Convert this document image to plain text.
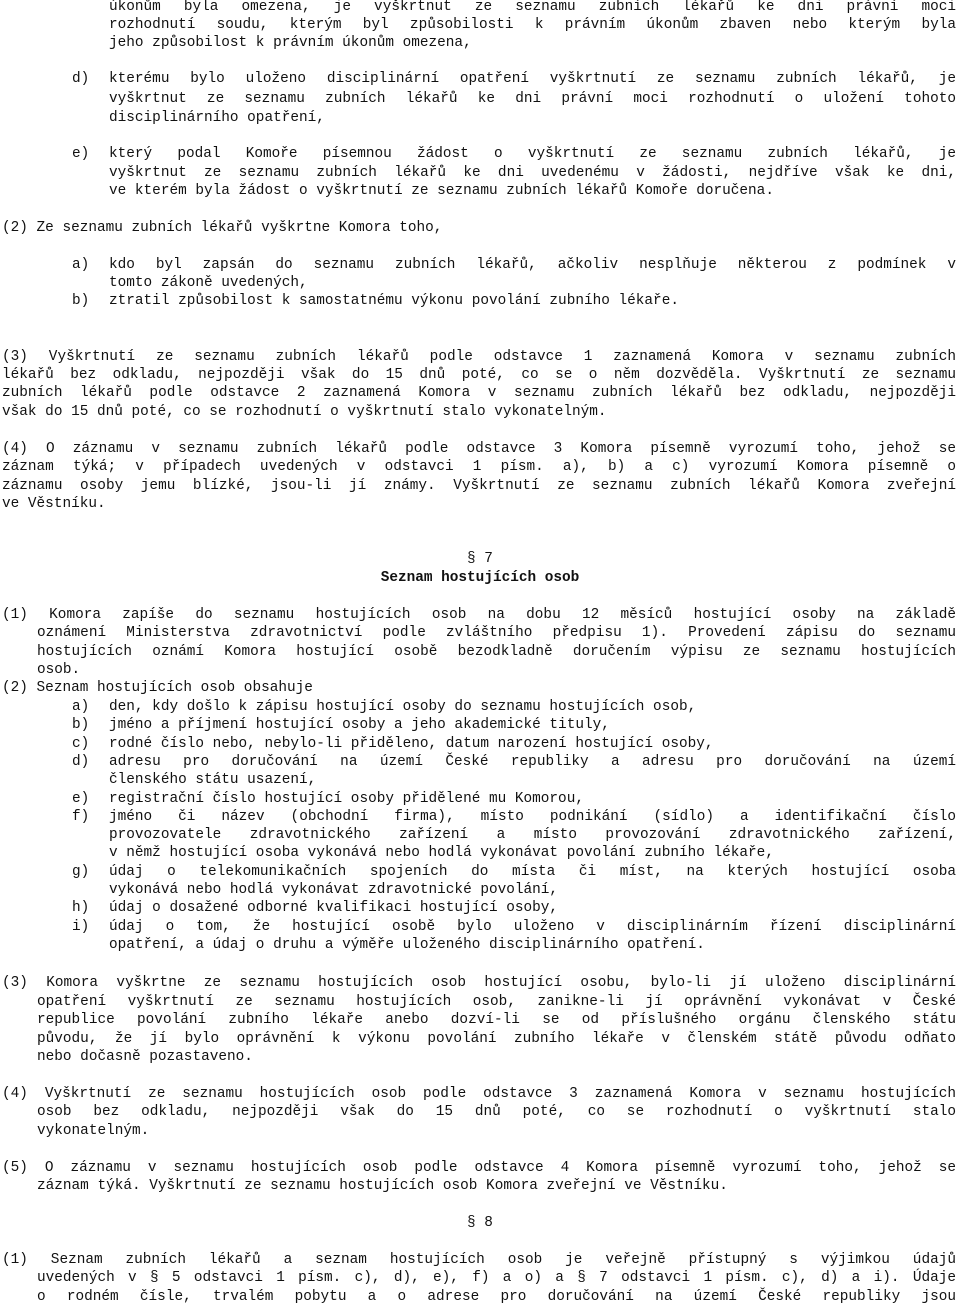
úkonům byla omezena, je vyškrtnut ze seznamu zubních lékařů ke dni právní moci
rozhodnutí soudu, kterým byl způsobilosti k právním úkonům zbaven nebo kterým byla
jeho způsobilost k právním úkonům omezena,
d) kterému bylo uloženo disciplinární opatření vyškrtnutí ze seznamu zubních lékařů, je
vyškrtnut ze seznamu zubních lékařů ke dni právní moci rozhodnutí o uložení tohoto
disciplinárního opatření,
e) který podal Komoře písemnou žádost o vyškrtnutí ze seznamu zubních lékařů, je
vyškrtnut ze seznamu zubních lékařů ke dni uvedenému v žádosti, nejdříve však ke dni,
ve kterém byla žádost o vyškrtnutí ze seznamu zubních lékařů Komoře doručena.
(2) Ze seznamu zubních lékařů vyškrtne Komora toho,
a) kdo byl zapsán do seznamu zubních lékařů, ačkoliv nesplňuje některou z podmínek v
tomto zákoně uvedených,
b) ztratil způsobilost k samostatnému výkonu povolání zubního lékaře.
(3) Vyškrtnutí ze seznamu zubních lékařů podle odstavce 1 zaznamená Komora v seznamu zubních
lékařů bez odkladu, nejpozději však do 15 dnů poté, co se o něm dozvěděla. Vyškrtnutí ze seznamu
zubních lékařů podle odstavce 2 zaznamená Komora v seznamu zubních lékařů bez odkladu, nejpozději
však do 15 dnů poté, co se rozhodnutí o vyškrtnutí stalo vykonatelným.
(4) O záznamu v seznamu zubních lékařů podle odstavce 3 Komora písemně vyrozumí toho, jehož se
záznam týká; v případech uvedených v odstavci 1 písm. a), b) a c) vyrozumí Komora písemně o
záznamu osoby jemu blízké, jsou-li jí známy. Vyškrtnutí ze seznamu zubních lékařů Komora zveřejní
ve Věstníku.
§ 7
Seznam hostujících osob
(1) Komora zapíše do seznamu hostujících osob na dobu 12 měsíců hostující osoby na základě
oznámení Ministerstva zdravotnictví podle zvláštního předpisu 1). Provedení zápisu do seznamu
hostujících oznámí Komora hostující osobě bezodkladně doručením výpisu ze seznamu hostujících
osob.
(2) Seznam hostujících osob obsahuje
a) den, kdy došlo k zápisu hostující osoby do seznamu hostujících osob,
b) jméno a příjmení hostující osoby a jeho akademické tituly,
c) rodné číslo nebo, nebylo-li přiděleno, datum narození hostující osoby,
d) adresu pro doručování na území České republiky a adresu pro doručování na území
členského státu usazení,
e) registrační číslo hostující osoby přidělené mu Komorou,
f) jméno či název (obchodní firma), místo podnikání (sídlo) a identifikační číslo
provozovatele zdravotnického zařízení a místo provozování zdravotnického zařízení,
v němž hostující osoba vykonává nebo hodlá vykonávat povolání zubního lékaře,
g) údaj o telekomunikačních spojeních do místa či míst, na kterých hostující osoba
vykonává nebo hodlá vykonávat zdravotnické povolání,
h) údaj o dosažené odborné kvalifikaci hostující osoby,
i) údaj o tom, že hostující osobě bylo uloženo v disciplinárním řízení disciplinární
opatření, a údaj o druhu a výměře uloženého disciplinárního opatření.
(3) Komora vyškrtne ze seznamu hostujících osob hostující osobu, bylo-li jí uloženo disciplinární
opatření vyškrtnutí ze seznamu hostujících osob, zanikne-li jí oprávnění vykonávat v České
republice povolání zubního lékaře anebo dozví-li se od příslušného orgánu členského státu
původu, že jí bylo oprávnění k výkonu povolání zubního lékaře v členském státě původu odňato
nebo dočasně pozastaveno.
(4) Vyškrtnutí ze seznamu hostujících osob podle odstavce 3 zaznamená Komora v seznamu hostujících
osob bez odkladu, nejpozději však do 15 dnů poté, co se rozhodnutí o vyškrtnutí stalo
vykonatelným.
(5) O záznamu v seznamu hostujících osob podle odstavce 4 Komora písemně vyrozumí toho, jehož se
záznam týká. Vyškrtnutí ze seznamu hostujících osob Komora zveřejní ve Věstníku.
§ 8
(1) Seznam zubních lékařů a seznam hostujících osob je veřejně přístupný s výjimkou údajů
uvedených v § 5 odstavci 1 písm. c), d), e), f) a o) a § 7 odstavci 1 písm. c), d) a i). Údaje
o rodném čísle, trvalém pobytu a o adrese pro doručování na území České republiky jsou
